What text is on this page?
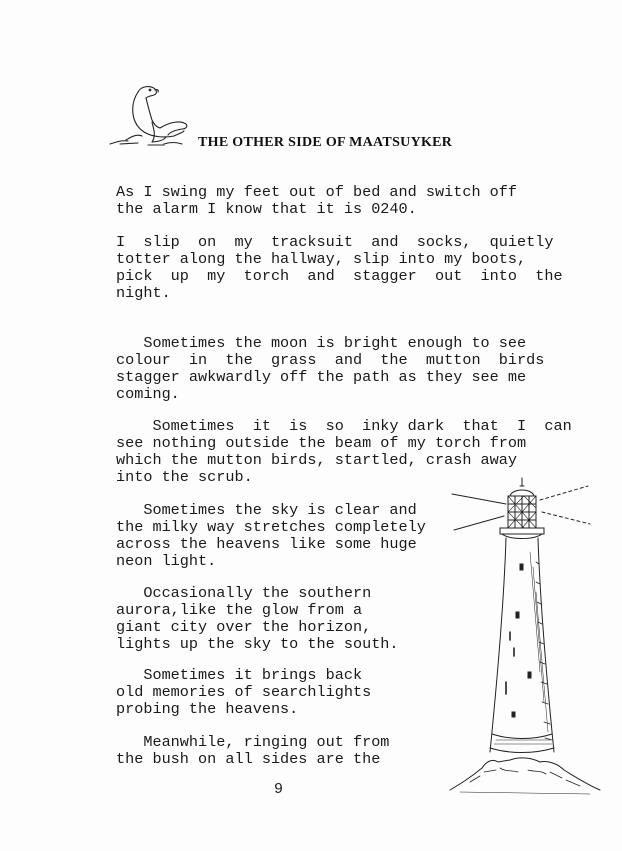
THE OTHER SIDE OF MAATSUYKER
As I swing my feet out of bed and switch off
the alarm I know that it is 0240.
I  slip  on  my  tracksuit  and  socks,  quietly
totter along the hallway, slip into my boots,
pick  up  my  torch  and  stagger  out  into  the
night.
Sometimes the moon is bright enough to see
colour  in  the  grass  and  the  mutton  birds
stagger awkwardly off the path as they see me
coming.
Sometimes  it  is  so  inky dark  that  I  can
see nothing outside the beam of my torch from
which the mutton birds, startled, crash away
into the scrub.
Sometimes the sky is clear and
the milky way stretches completely
across the heavens like some huge
neon light.
Occasionally the southern
aurora,like the glow from a
giant city over the horizon,
lights up the sky to the south.
Sometimes it brings back
old memories of searchlights
probing the heavens.
Meanwhile, ringing out from
the bush on all sides are the
9
